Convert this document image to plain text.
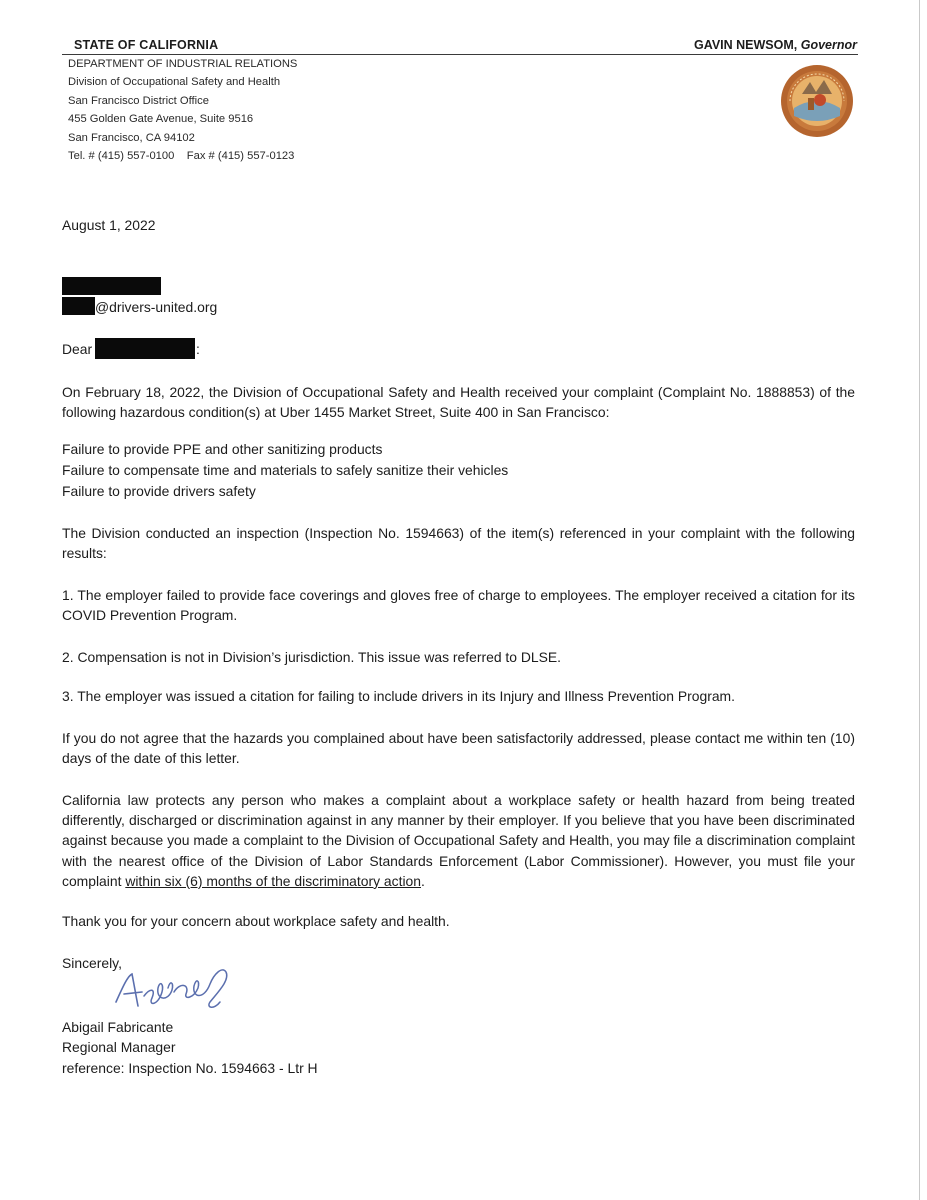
STATE OF CALIFORNIA	GAVIN NEWSOM, Governor
DEPARTMENT OF INDUSTRIAL RELATIONS
Division of Occupational Safety and Health
San Francisco District Office
455 Golden Gate Avenue, Suite 9516
San Francisco, CA 94102
Tel. # (415) 557-0100    Fax # (415) 557-0123
August 1, 2022
@drivers-united.org
Dear	:
On February 18, 2022, the Division of Occupational Safety and Health received your complaint (Complaint No. 1888853) of the following hazardous condition(s) at Uber 1455 Market Street, Suite 400 in San Francisco:
Failure to provide PPE and other sanitizing products
Failure to compensate time and materials to safely sanitize their vehicles
Failure to provide drivers safety
The Division conducted an inspection (Inspection No. 1594663) of the item(s) referenced in your complaint with the following results:
1. The employer failed to provide face coverings and gloves free of charge to employees. The employer received a citation for its COVID Prevention Program.
2. Compensation is not in Division’s jurisdiction. This issue was referred to DLSE.
3. The employer was issued a citation for failing to include drivers in its Injury and Illness Prevention Program.
If you do not agree that the hazards you complained about have been satisfactorily addressed, please contact me within ten (10) days of the date of this letter.
California law protects any person who makes a complaint about a workplace safety or health hazard from being treated differently, discharged or discrimination against in any manner by their employer. If you believe that you have been discriminated against because you made a complaint to the Division of Occupational Safety and Health, you may file a discrimination complaint with the nearest office of the Division of Labor Standards Enforcement (Labor Commissioner). However, you must file your complaint within six (6) months of the discriminatory action.
Thank you for your concern about workplace safety and health.
Sincerely,
Abigail Fabricante
Regional Manager
reference: Inspection No. 1594663 - Ltr H
